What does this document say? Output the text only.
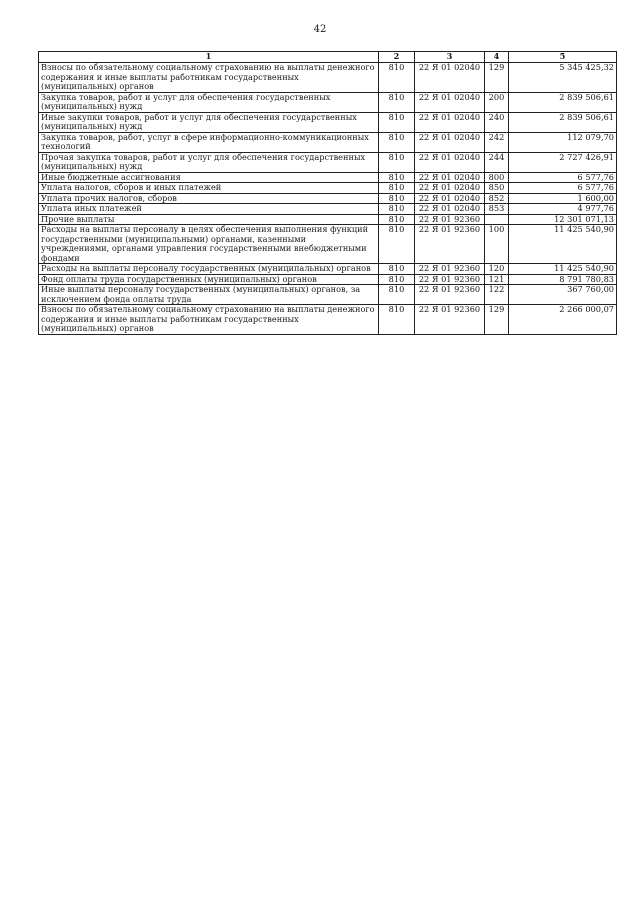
42
1	2	3	4	5
Взносы по обязательному социальному страхованию на выплаты денежного содержания и иные выплаты работникам государственных (муниципальных) органов	810	22 Я 01 02040	129	5 345 425,32
Закупка товаров, работ и услуг для обеспечения государственных (муниципальных) нужд	810	22 Я 01 02040	200	2 839 506,61
Иные закупки товаров, работ и услуг для обеспечения государственных (муниципальных) нужд	810	22 Я 01 02040	240	2 839 506,61
Закупка товаров, работ, услуг в сфере информационно-коммуникационных технологий	810	22 Я 01 02040	242	112 079,70
Прочая закупка товаров, работ и услуг для обеспечения государственных (муниципальных) нужд	810	22 Я 01 02040	244	2 727 426,91
Иные бюджетные ассигнования	810	22 Я 01 02040	800	6 577,76
Уплата налогов, сборов и иных платежей	810	22 Я 01 02040	850	6 577,76
Уплата прочих налогов, сборов	810	22 Я 01 02040	852	1 600,00
Уплата иных платежей	810	22 Я 01 02040	853	4 977,76
Прочие выплаты	810	22 Я 01 92360		12 301 071,13
Расходы на выплаты персоналу в целях обеспечения выполнения функций государственными (муниципальными) органами, казенными учреждениями, органами управления государственными внебюджетными фондами	810	22 Я 01 92360	100	11 425 540,90
Расходы на выплаты персоналу государственных (муниципальных) органов	810	22 Я 01 92360	120	11 425 540,90
Фонд оплаты труда государственных (муниципальных) органов	810	22 Я 01 92360	121	8 791 780,83
Иные выплаты персоналу государственных (муниципальных) органов, за исключением фонда оплаты труда	810	22 Я 01 92360	122	367 760,00
Взносы по обязательному социальному страхованию на выплаты денежного содержания и иные выплаты работникам государственных (муниципальных) органов	810	22 Я 01 92360	129	2 266 000,07
